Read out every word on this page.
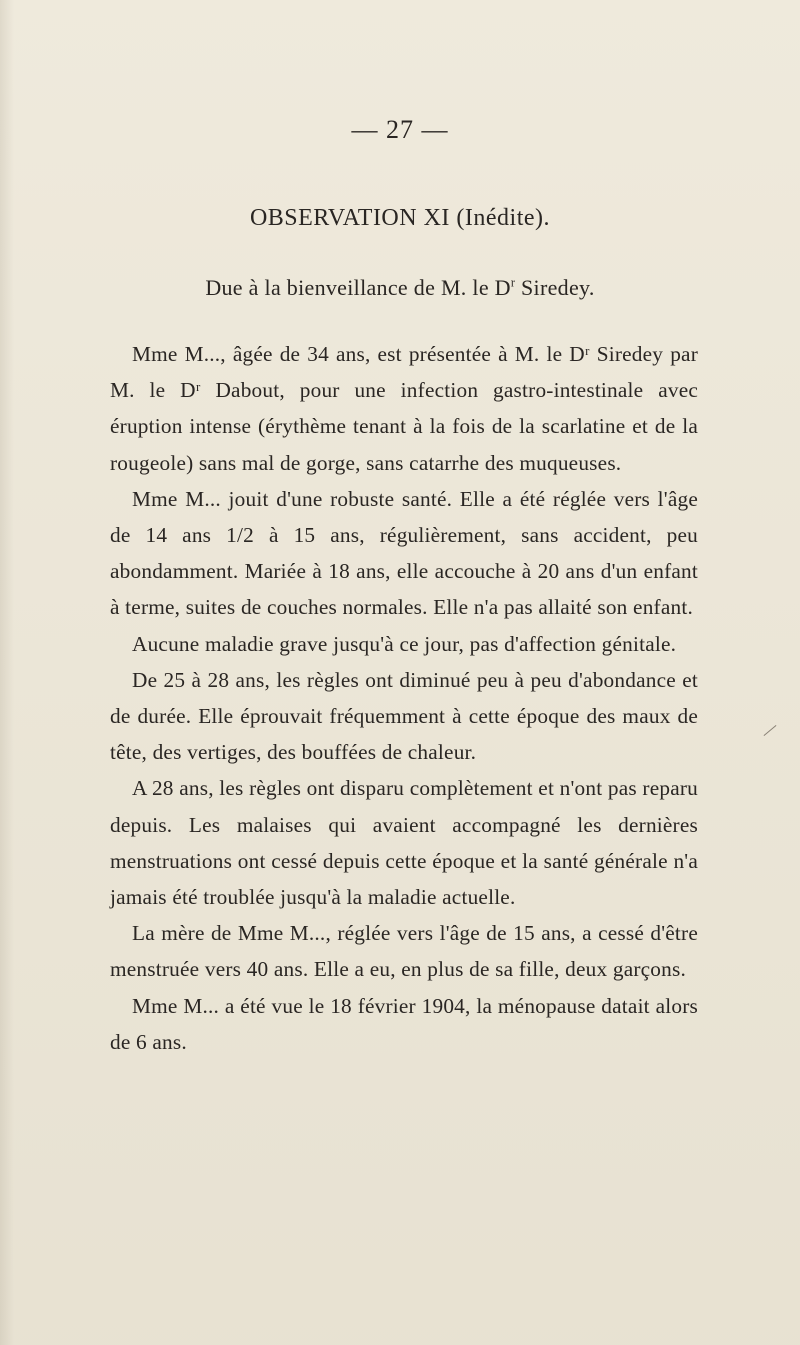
— 27 —
OBSERVATION XI (Inédite).
Due à la bienveillance de M. le $D^r$ Siredey.

Mme M..., âgée de 34 ans, est présentée à M. le Dʳ Siredey par M. le Dʳ Dabout, pour une infection gastro-intestinale avec éruption intense (érythème tenant à la fois de la scarlatine et de la rougeole) sans mal de gorge, sans catarrhe des muqueuses.

Mme M... jouit d'une robuste santé. Elle a été réglée vers l'âge de 14 ans 1/2 à 15 ans, régulièrement, sans accident, peu abondamment. Mariée à 18 ans, elle accouche à 20 ans d'un enfant à terme, suites de couches normales. Elle n'a pas allaité son enfant.

Aucune maladie grave jusqu'à ce jour, pas d'affection génitale.

De 25 à 28 ans, les règles ont diminué peu à peu d'abondance et de durée. Elle éprouvait fréquemment à cette époque des maux de tête, des vertiges, des bouffées de chaleur.

A 28 ans, les règles ont disparu complètement et n'ont pas reparu depuis. Les malaises qui avaient accompagné les dernières menstruations ont cessé depuis cette époque et la santé générale n'a jamais été troublée jusqu'à la maladie actuelle.

La mère de Mme M..., réglée vers l'âge de 15 ans, a cessé d'être menstruée vers 40 ans. Elle a eu, en plus de sa fille, deux garçons.

Mme M... a été vue le 18 février 1904, la ménopause datait alors de 6 ans.
